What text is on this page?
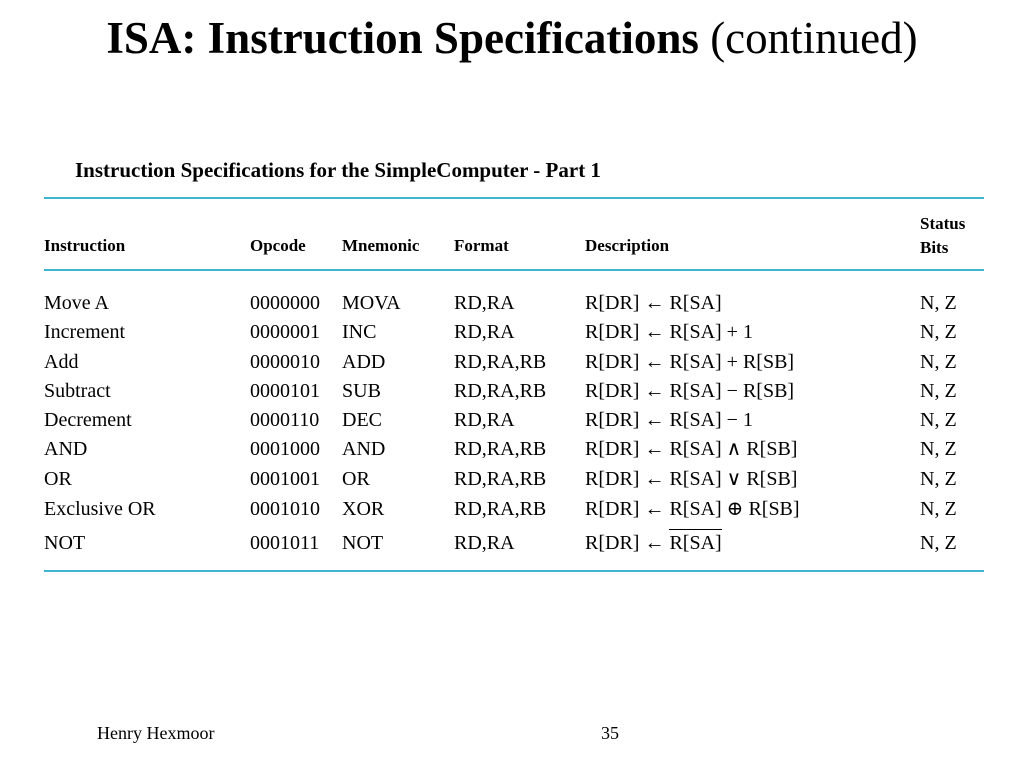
ISA: Instruction Specifications (continued)
Instruction Specifications for the SimpleComputer - Part 1
Instruction	Opcode Mnemonic Format	Description
Status
Bits
Move A	0000000 MOVA	RD,RA	R[DR] ← R[SA]	N, Z
Increment	0000001 INC	RD,RA	R[DR] ← R[SA] + 1	N, Z
Add	0000010 ADD	RD,RA,RB R[DR] ← R[SA] + R[SB]	N, Z
Subtract	0000101 SUB	RD,RA,RB R[DR] ← R[SA] − R[SB]	N, Z
Decrement	0000110 DEC	RD,RA	R[DR] ← R[SA] − 1	N, Z
AND	0001000 AND	RD,RA,RB R[DR] ← R[SA] ∧ R[SB]	N, Z
OR	0001001 OR	RD,RA,RB R[DR] ← R[SA] ∨ R[SB]	N, Z
Exclusive OR	0001010 XOR	RD,RA,RB R[DR] ← R[SA] ⊕ R[SB]	N, Z
NOT	0001011 NOT	RD,RA	R[DR] ← R[SA]	N, Z
Henry Hexmoor	35
